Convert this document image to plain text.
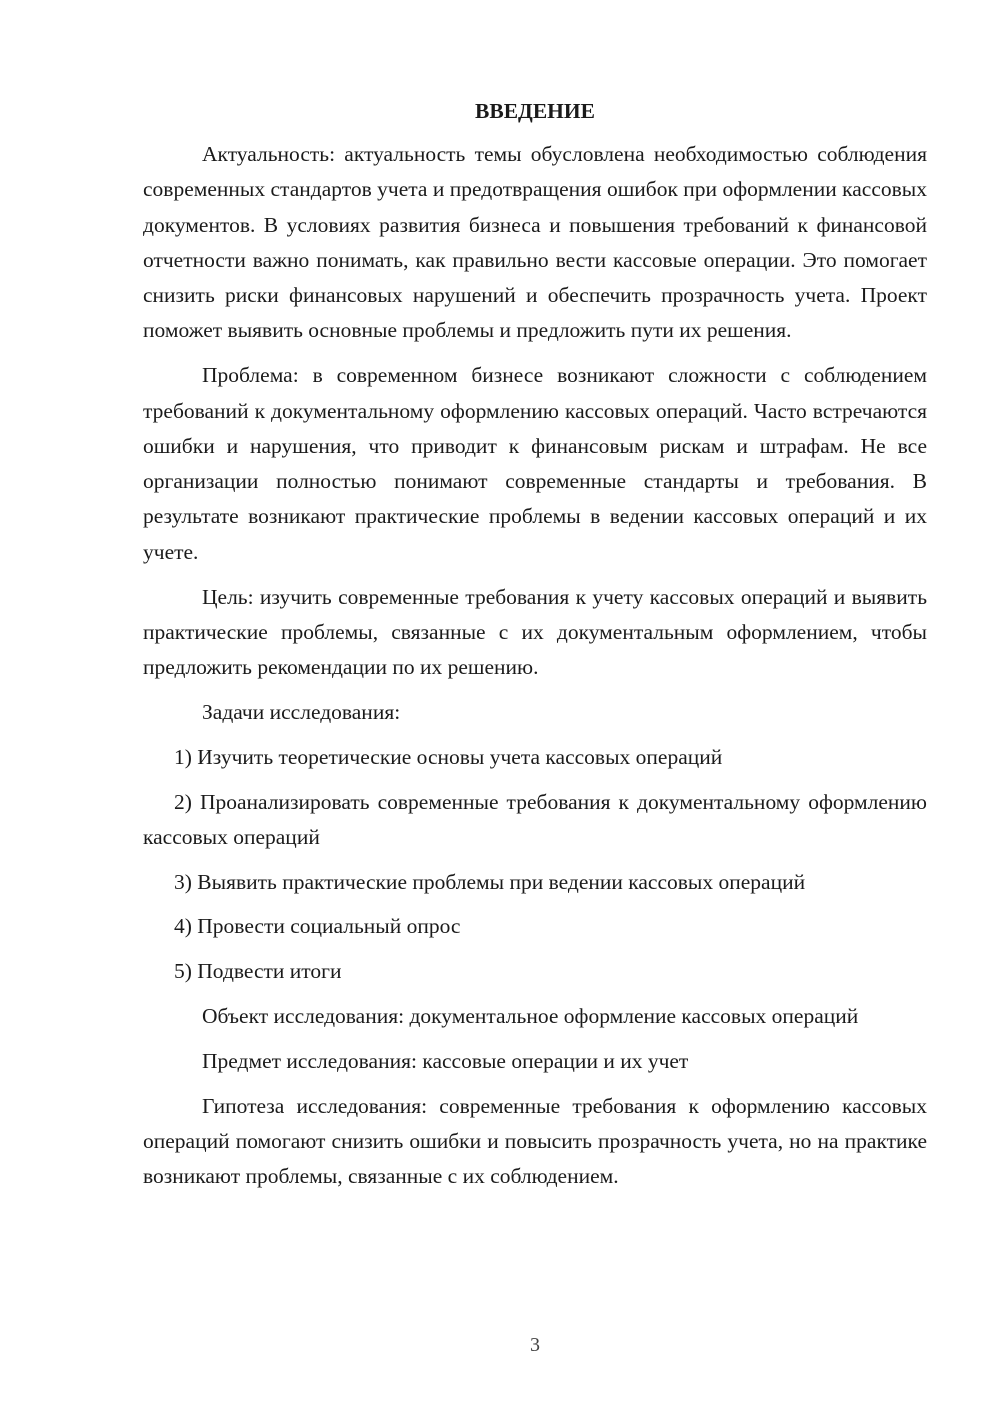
ВВЕДЕНИЕ

Актуальность: актуальность темы обусловлена необходимостью соблюдения современных стандартов учета и предотвращения ошибок при оформлении кассовых документов. В условиях развития бизнеса и повышения требований к финансовой отчетности важно понимать, как правильно вести кассовые операции. Это помогает снизить риски финансовых нарушений и обеспечить прозрачность учета. Проект поможет выявить основные проблемы и предложить пути их решения.

Проблема: в современном бизнесе возникают сложности с соблюдением требований к документальному оформлению кассовых операций. Часто встречаются ошибки и нарушения, что приводит к финансовым рискам и штрафам. Не все организации полностью понимают современные стандарты и требования. В результате возникают практические проблемы в ведении кассовых операций и их учете.

Цель: изучить современные требования к учету кассовых операций и выявить практические проблемы, связанные с их документальным оформлением, чтобы предложить рекомендации по их решению.

Задачи исследования:

1) Изучить теоретические основы учета кассовых операций

2) Проанализировать современные требования к документальному оформлению кассовых операций

3) Выявить практические проблемы при ведении кассовых операций

4) Провести социальный опрос

5) Подвести итоги

Объект исследования: документальное оформление кассовых операций

Предмет исследования: кассовые операции и их учет

Гипотеза исследования: современные требования к оформлению кассовых операций помогают снизить ошибки и повысить прозрачность учета, но на практике возникают проблемы, связанные с их соблюдением.

3
